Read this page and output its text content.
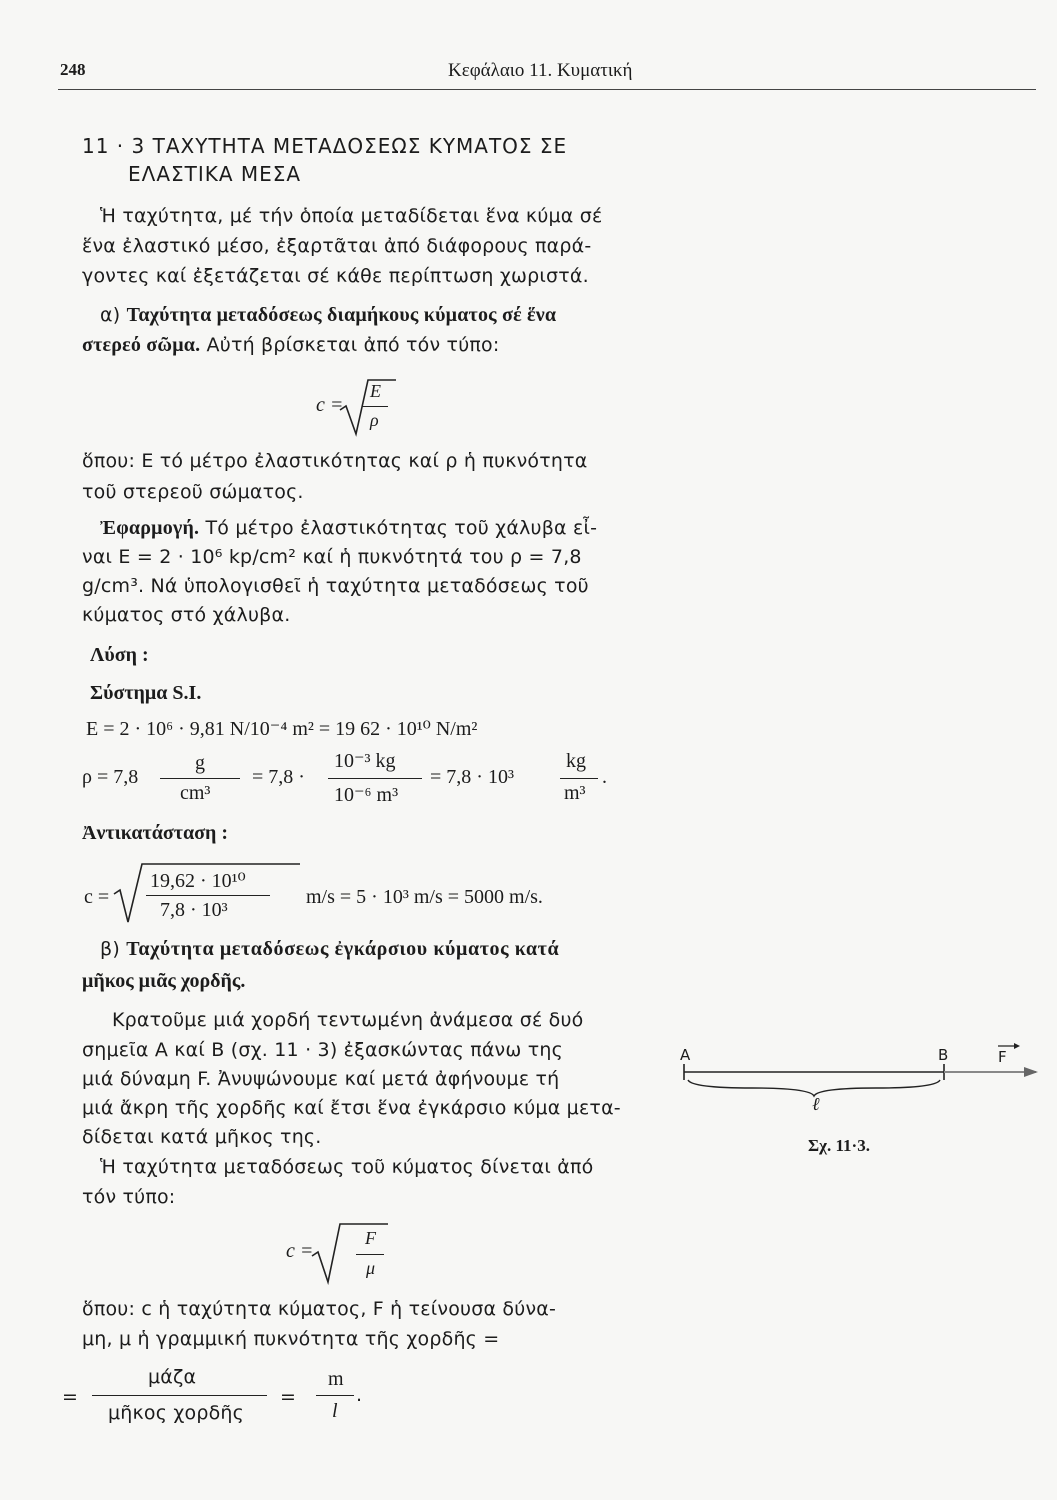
248	Κεφάλαιο 11. Κυματική
11 · 3 ΤΑΧΥΤΗΤΑ ΜΕΤΑΔΟΣΕΩΣ ΚΥΜΑΤΟΣ ΣΕ
ΕΛΑΣΤΙΚΑ ΜΕΣΑ
Ἡ ταχύτητα, μέ τήν ὁποία μεταδίδεται ἕνα κύμα σέ
ἕνα ἐλαστικό μέσο, ἐξαρτᾶται ἀπό διάφορους παρά-
γοντες καί ἐξετάζεται σέ κάθε περίπτωση χωριστά.
α) Ταχύτητα μεταδόσεως διαμήκους κύματος σέ ἕνα
στερεό σῶμα. Αὐτή βρίσκεται ἀπό τόν τύπο:
c =
E
ρ
ὅπου: Ε τό μέτρο ἐλαστικότητας καί ρ ἡ πυκνότητα
τοῦ στερεοῦ σώματος.
Ἐφαρμογή. Τό μέτρο ἐλαστικότητας τοῦ χάλυβα εἶ-
ναι Ε = 2 · 10⁶ kp/cm² καί ἡ πυκνότητά του ρ = 7,8
g/cm³. Νά ὑπολογισθεῖ ἡ ταχύτητα μεταδόσεως τοῦ
κύματος στό χάλυβα.
Λύση :
Σύστημα S.I.
Ε = 2 · 10⁶ · 9,81 N/10⁻⁴ m² = 19 62 · 10¹⁰ N/m²
ρ = 7,8
g
cm³
= 7,8 ·
10⁻³ kg
10⁻⁶ m³
= 7,8 · 10³
kg
m³
.
Ἀντικατάσταση :
c =
19,62 · 10¹⁰
7,8 · 10³
m/s = 5 · 10³ m/s = 5000 m/s.
β) Ταχύτητα μεταδόσεως ἐγκάρσιου κύματος κατά
μῆκος μιᾶς χορδῆς.
Κρατοῦμε μιά χορδή τεντωμένη ἀνάμεσα σέ δυό
σημεῖα Α καί Β (σχ. 11 · 3) ἐξασκώντας πάνω της
μιά δύναμη F. Ἀνυψώνουμε καί μετά ἀφήνουμε τή
μιά ἄκρη τῆς χορδῆς καί ἔτσι ἕνα ἐγκάρσιο κύμα μετα-
δίδεται κατά μῆκος της.
Ἡ ταχύτητα μεταδόσεως τοῦ κύματος δίνεται ἀπό
τόν τύπο:
c =
F
μ
ὅπου: c ἡ ταχύτητα κύματος, F ἡ τείνουσα δύνα-
μη, μ ἡ γραμμική πυκνότητα τῆς χορδῆς =
=
μάζα
μῆκος χορδῆς
=
m
l
.
A	B	F
ℓ
Σχ. 11·3.
